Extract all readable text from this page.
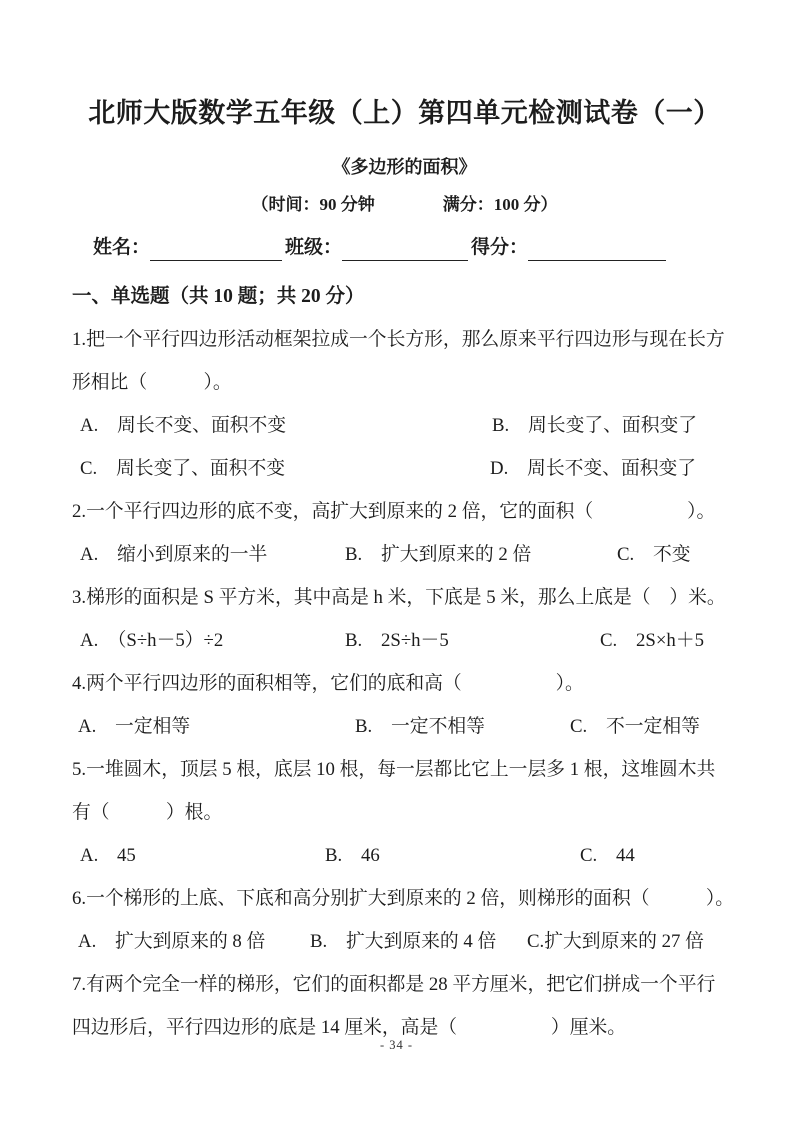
北师大版数学五年级（上）第四单元检测试卷（一）
《多边形的面积》
（时间：90 分钟　　　　满分：100 分）
姓名：	班级：	得分：
一、单选题（共 10 题；共 20 分）
1.把一个平行四边形活动框架拉成一个长方形，那么原来平行四边形与现在长方
形相比（　　　）。
A.　周长不变、面积不变	B.　周长变了、面积变了
C.　周长变了、面积不变	D.　周长不变、面积变了
2.一个平行四边形的底不变，高扩大到原来的 2 倍，它的面积（　　　　　）。
A.　缩小到原来的一半	B.　扩大到原来的 2 倍	C.　不变
3.梯形的面积是 S 平方米，其中高是 h 米，下底是 5 米，那么上底是（　）米。
A.　（S÷h－5）÷2	B.　2S÷h－5	C.　2S×h＋5
4.两个平行四边形的面积相等，它们的底和高（　　　　　）。
A.　一定相等	B.　一定不相等	C.　不一定相等
5.一堆圆木，顶层 5 根，底层 10 根，每一层都比它上一层多 1 根，这堆圆木共
有（　　　）根。
A.　45	B.　46	C.　44
6.一个梯形的上底、下底和高分别扩大到原来的 2 倍，则梯形的面积（　　　）。
A.　扩大到原来的 8 倍 B.　扩大到原来的 4 倍 C.扩大到原来的 27 倍
7.有两个完全一样的梯形，它们的面积都是 28 平方厘米，把它们拼成一个平行
四边形后，平行四边形的底是 14 厘米，高是（　　　　　）厘米。
- 34 -
